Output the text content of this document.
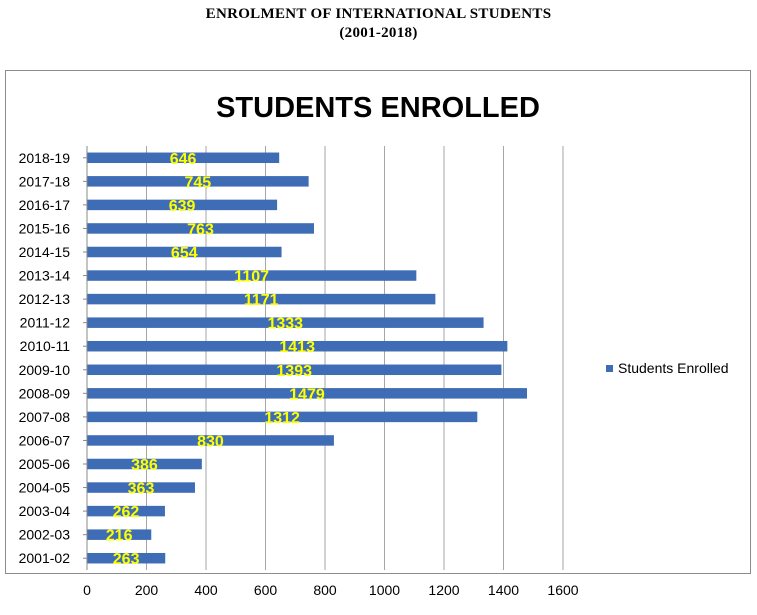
ENROLMENT OF INTERNATIONAL STUDENTS
(2001-2018)
STUDENTS ENROLLED
2018-19
2017-18
2016-17
2015-16
2014-15
2013-14
2012-13
2011-12
2010-11
2009-10
2008-09
2007-08
2006-07
2005-06
2004-05
2003-04
2002-03
2001-02
0	200	400	600	800 1000 1200 1400 1600
646
745
639
763
654
1107
1171
1333
1413
1393
1479
1312
830
386
363
262
216
263
Students Enrolled
